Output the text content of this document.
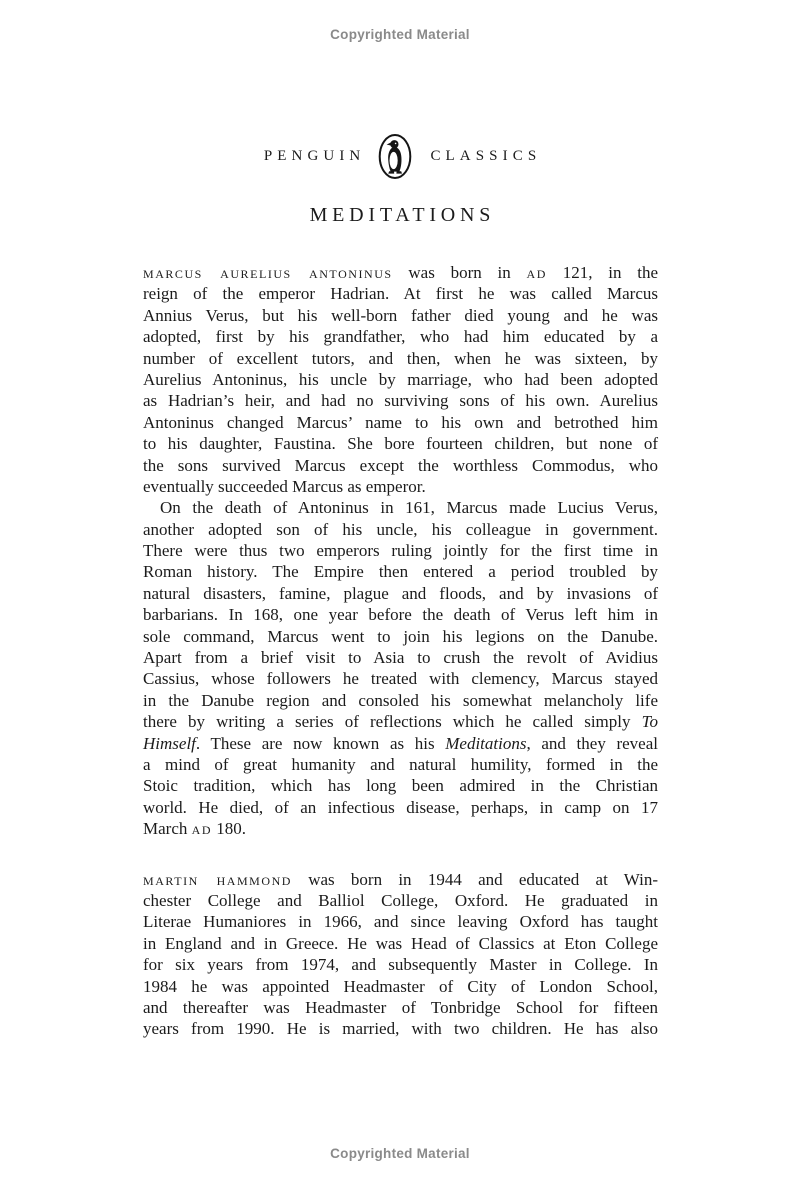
Copyrighted Material
PENGUIN	CLASSICS
MEDITATIONS
marcus aurelius antoninus was born in ad 121, in the
reign of the emperor Hadrian. At first he was called Marcus
Annius Verus, but his well-born father died young and he was
adopted, first by his grandfather, who had him educated by a
number of excellent tutors, and then, when he was sixteen, by
Aurelius Antoninus, his uncle by marriage, who had been adopted
as Hadrian’s heir, and had no surviving sons of his own. Aurelius
Antoninus changed Marcus’ name to his own and betrothed him
to his daughter, Faustina. She bore fourteen children, but none of
the sons survived Marcus except the worthless Commodus, who
eventually succeeded Marcus as emperor.
On the death of Antoninus in 161, Marcus made Lucius Verus,
another adopted son of his uncle, his colleague in government.
There were thus two emperors ruling jointly for the first time in
Roman history. The Empire then entered a period troubled by
natural disasters, famine, plague and floods, and by invasions of
barbarians. In 168, one year before the death of Verus left him in
sole command, Marcus went to join his legions on the Danube.
Apart from a brief visit to Asia to crush the revolt of Avidius
Cassius, whose followers he treated with clemency, Marcus stayed
in the Danube region and consoled his somewhat melancholy life
there by writing a series of reflections which he called simply To
Himself. These are now known as his Meditations, and they reveal
a mind of great humanity and natural humility, formed in the
Stoic tradition, which has long been admired in the Christian
world. He died, of an infectious disease, perhaps, in camp on 17
March ad 180.
martin hammond was born in 1944 and educated at Win-
chester College and Balliol College, Oxford. He graduated in
Literae Humaniores in 1966, and since leaving Oxford has taught
in England and in Greece. He was Head of Classics at Eton College
for six years from 1974, and subsequently Master in College. In
1984 he was appointed Headmaster of City of London School,
and thereafter was Headmaster of Tonbridge School for fifteen
years from 1990. He is married, with two children. He has also
Copyrighted Material
